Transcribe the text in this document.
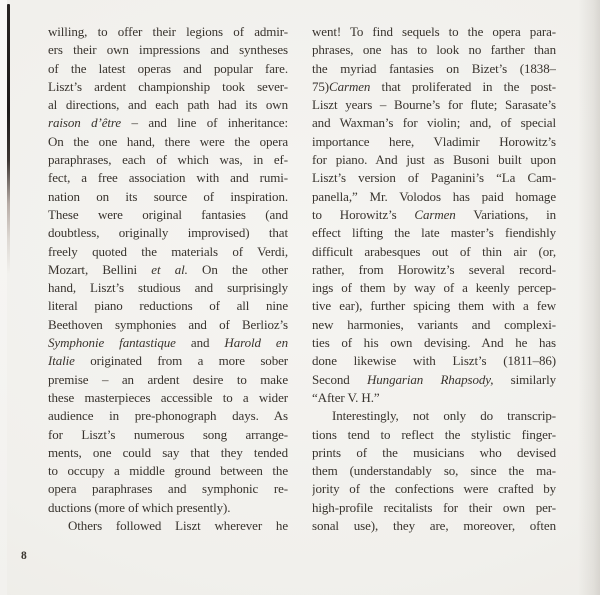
willing, to offer their legions of admir-
ers their own impressions and syntheses
of the latest operas and popular fare.
Liszt’s ardent championship took sever-
al directions, and each path had its own
raison d’être – and line of inheritance:
On the one hand, there were the opera
paraphrases, each of which was, in ef-
fect, a free association with and rumi-
nation on its source of inspiration.
These were original fantasies (and
doubtless, originally improvised) that
freely quoted the materials of Verdi,
Mozart, Bellini et al. On the other
hand, Liszt’s studious and surprisingly
literal piano reductions of all nine
Beethoven symphonies and of Berlioz’s
Symphonie fantastique and Harold en
Italie originated from a more sober
premise – an ardent desire to make
these masterpieces accessible to a wider
audience in pre-phonograph days. As
for Liszt’s numerous song arrange-
ments, one could say that they tended
to occupy a middle ground between the
opera paraphrases and symphonic re-
ductions (more of which presently).
Others followed Liszt wherever he
went! To find sequels to the opera para-
phrases, one has to look no farther than
the myriad fantasies on Bizet’s (1838–
75)Carmen that proliferated in the post-
Liszt years – Bourne’s for flute; Sarasate’s
and Waxman’s for violin; and, of special
importance here, Vladimir Horowitz’s
for piano. And just as Busoni built upon
Liszt’s version of Paganini’s “La Cam-
panella,” Mr. Volodos has paid homage
to Horowitz’s Carmen Variations, in
effect lifting the late master’s fiendishly
difficult arabesques out of thin air (or,
rather, from Horowitz’s several record-
ings of them by way of a keenly percep-
tive ear), further spicing them with a few
new harmonies, variants and complexi-
ties of his own devising. And he has
done likewise with Liszt’s (1811–86)
Second Hungarian Rhapsody, similarly
“After V. H.”
Interestingly, not only do transcrip-
tions tend to reflect the stylistic finger-
prints of the musicians who devised
them (understandably so, since the ma-
jority of the confections were crafted by
high-profile recitalists for their own per-
sonal use), they are, moreover, often
8
